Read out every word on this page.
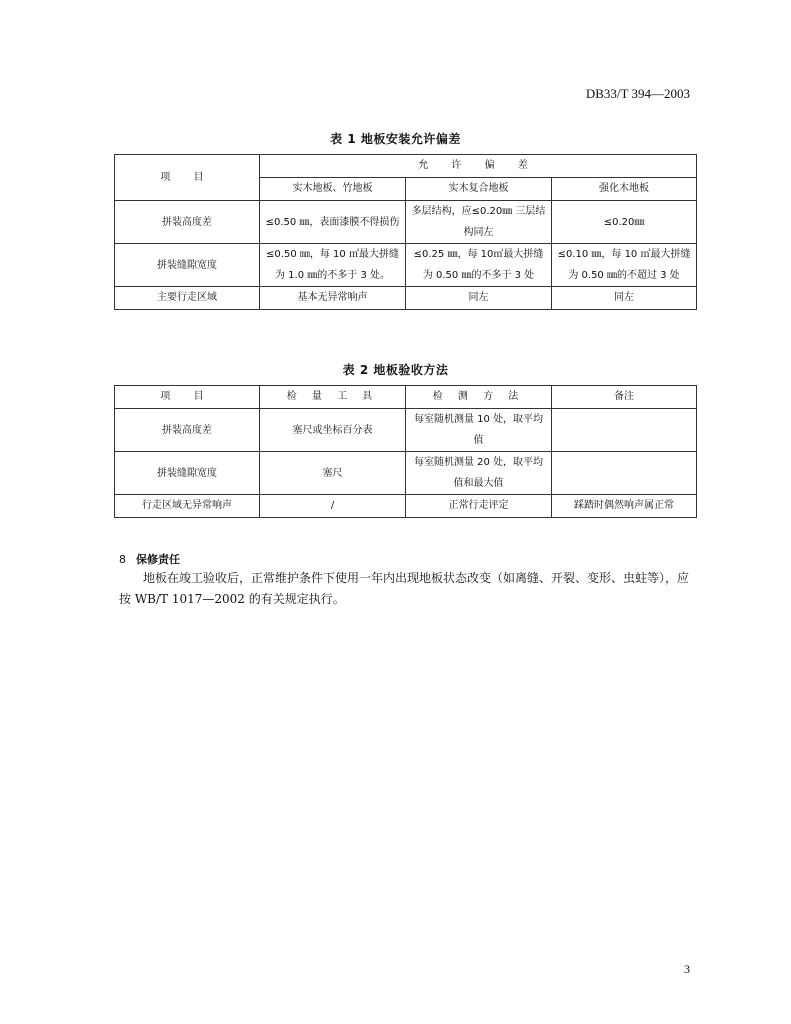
DB33/T 394—2003
表 1 地板安装允许偏差
项 目	允 许 偏 差		
	实木地板、竹地板	实木复合地板	强化木地板
拼装高度差	≤0.50 ㎜，表面漆膜不得损伤	多层结构，应≤0.20㎜ 三层结构同左	≤0.20㎜
拼装缝隙宽度	≤0.50 ㎜，每 10 ㎡最大拼缝为 1.0 ㎜的不多于 3 处。	≤0.25 ㎜，每 10㎡最大拼缝为 0.50 ㎜的不多于 3 处	≤0.10 ㎜，每 10 ㎡最大拼缝为 0.50 ㎜的不超过 3 处
主要行走区域	基本无异常响声	同左	同左
表 2 地板验收方法
项 目	检 量 工 具	检 测 方 法	备注
拼装高度差	塞尺或坐标百分表	每室随机测量 10 处，取平均值	
拼装缝隙宽度	塞尺	每室随机测量 20 处，取平均值和最大值	
行走区域无异常响声	/	正常行走评定	踩踏时偶然响声属正常
8 保修责任

地板在竣工验收后，正常维护条件下使用一年内出现地板状态改变（如离缝、开裂、变形、虫蛀等），应按 WB/T 1017—2002 的有关规定执行。

3
